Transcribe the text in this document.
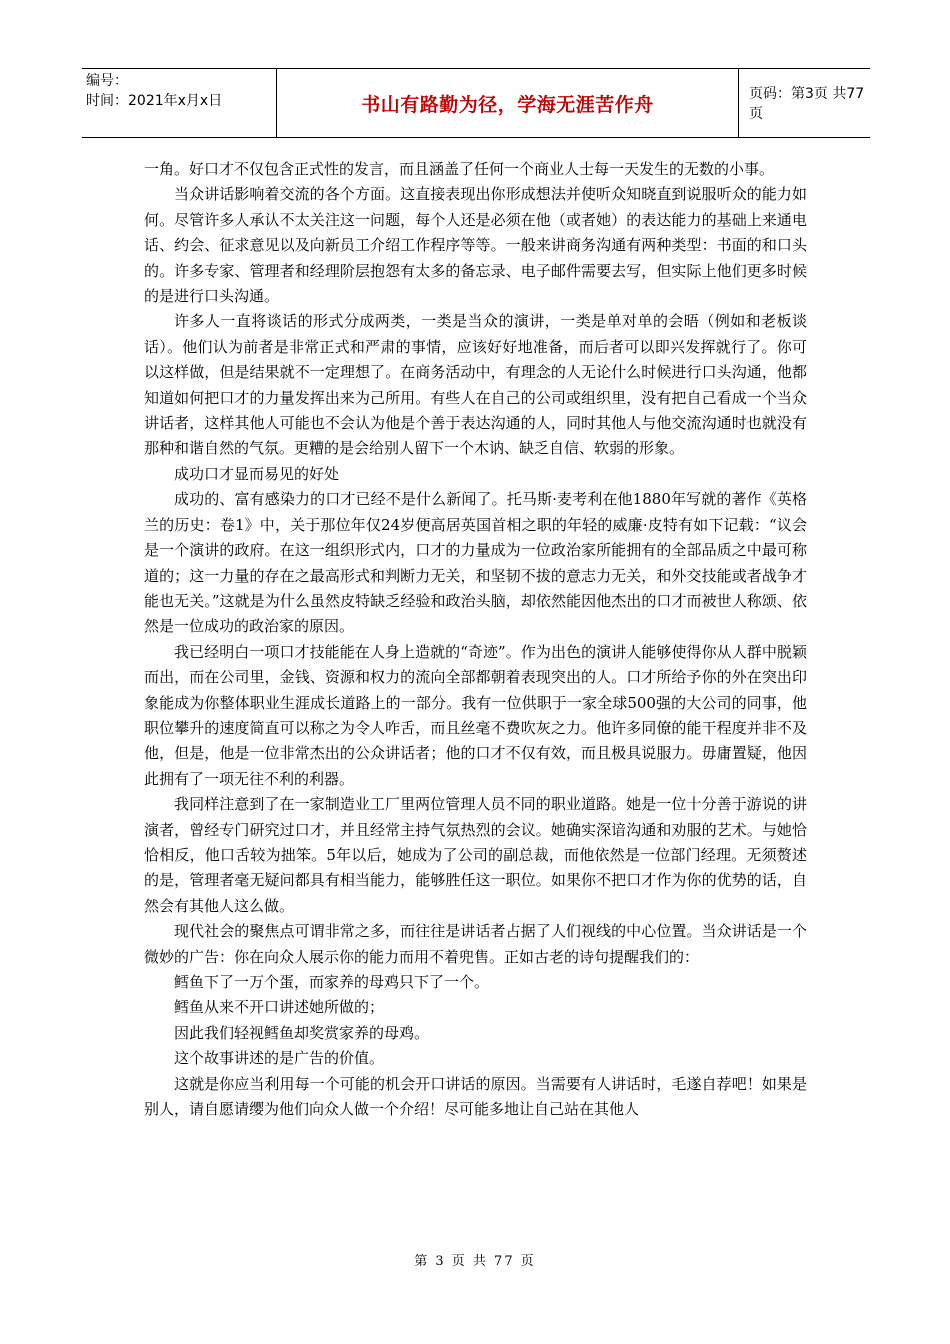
编号：
时间：2021年x月x日	书山有路勤为径，学海无涯苦作舟	页码：第3页 共77页

一角。好口才不仅包含正式性的发言，而且涵盖了任何一个商业人士每一天发生的无数的小事。

当众讲话影响着交流的各个方面。这直接表现出你形成想法并使听众知晓直到说服听众的能力如何。尽管许多人承认不太关注这一问题，每个人还是必须在他（或者她）的表达能力的基础上来通电话、约会、征求意见以及向新员工介绍工作程序等等。一般来讲商务沟通有两种类型：书面的和口头的。许多专家、管理者和经理阶层抱怨有太多的备忘录、电子邮件需要去写，但实际上他们更多时候的是进行口头沟通。

许多人一直将谈话的形式分成两类，一类是当众的演讲，一类是单对单的会晤（例如和老板谈话）。他们认为前者是非常正式和严肃的事情，应该好好地准备，而后者可以即兴发挥就行了。你可以这样做，但是结果就不一定理想了。在商务活动中，有理念的人无论什么时候进行口头沟通，他都知道如何把口才的力量发挥出来为己所用。有些人在自己的公司或组织里，没有把自己看成一个当众讲话者，这样其他人可能也不会认为他是个善于表达沟通的人，同时其他人与他交流沟通时也就没有那种和谐自然的气氛。更糟的是会给别人留下一个木讷、缺乏自信、软弱的形象。

成功口才显而易见的好处

成功的、富有感染力的口才已经不是什么新闻了。托马斯·麦考利在他1880年写就的著作《英格兰的历史：卷1》中，关于那位年仅24岁便高居英国首相之职的年轻的威廉·皮特有如下记载：“议会是一个演讲的政府。在这一组织形式内，口才的力量成为一位政治家所能拥有的全部品质之中最可称道的；这一力量的存在之最高形式和判断力无关，和坚韧不拔的意志力无关，和外交技能或者战争才能也无关。”这就是为什么虽然皮特缺乏经验和政治头脑，却依然能因他杰出的口才而被世人称颂、依然是一位成功的政治家的原因。

我已经明白一项口才技能能在人身上造就的“奇迹”。作为出色的演讲人能够使得你从人群中脱颖而出，而在公司里，金钱、资源和权力的流向全部都朝着表现突出的人。口才所给予你的外在突出印象能成为你整体职业生涯成长道路上的一部分。我有一位供职于一家全球500强的大公司的同事，他职位攀升的速度简直可以称之为令人咋舌，而且丝毫不费吹灰之力。他许多同僚的能干程度并非不及他，但是，他是一位非常杰出的公众讲话者；他的口才不仅有效，而且极具说服力。毋庸置疑，他因此拥有了一项无往不利的利器。

我同样注意到了在一家制造业工厂里两位管理人员不同的职业道路。她是一位十分善于游说的讲演者，曾经专门研究过口才，并且经常主持气氛热烈的会议。她确实深谙沟通和劝服的艺术。与她恰恰相反，他口舌较为拙笨。5年以后，她成为了公司的副总裁，而他依然是一位部门经理。无须赘述的是，管理者毫无疑问都具有相当能力，能够胜任这一职位。如果你不把口才作为你的优势的话，自然会有其他人这么做。

现代社会的聚焦点可谓非常之多，而往往是讲话者占据了人们视线的中心位置。当众讲话是一个微妙的广告：你在向众人展示你的能力而用不着兜售。正如古老的诗句提醒我们的：

鳕鱼下了一万个蛋，而家养的母鸡只下了一个。

鳕鱼从来不开口讲述她所做的；

因此我们轻视鳕鱼却奖赏家养的母鸡。

这个故事讲述的是广告的价值。

这就是你应当利用每一个可能的机会开口讲话的原因。当需要有人讲话时，毛遂自荐吧！如果是别人，请自愿请缨为他们向众人做一个介绍！尽可能多地让自己站在其他人

第 3 页 共 77 页
